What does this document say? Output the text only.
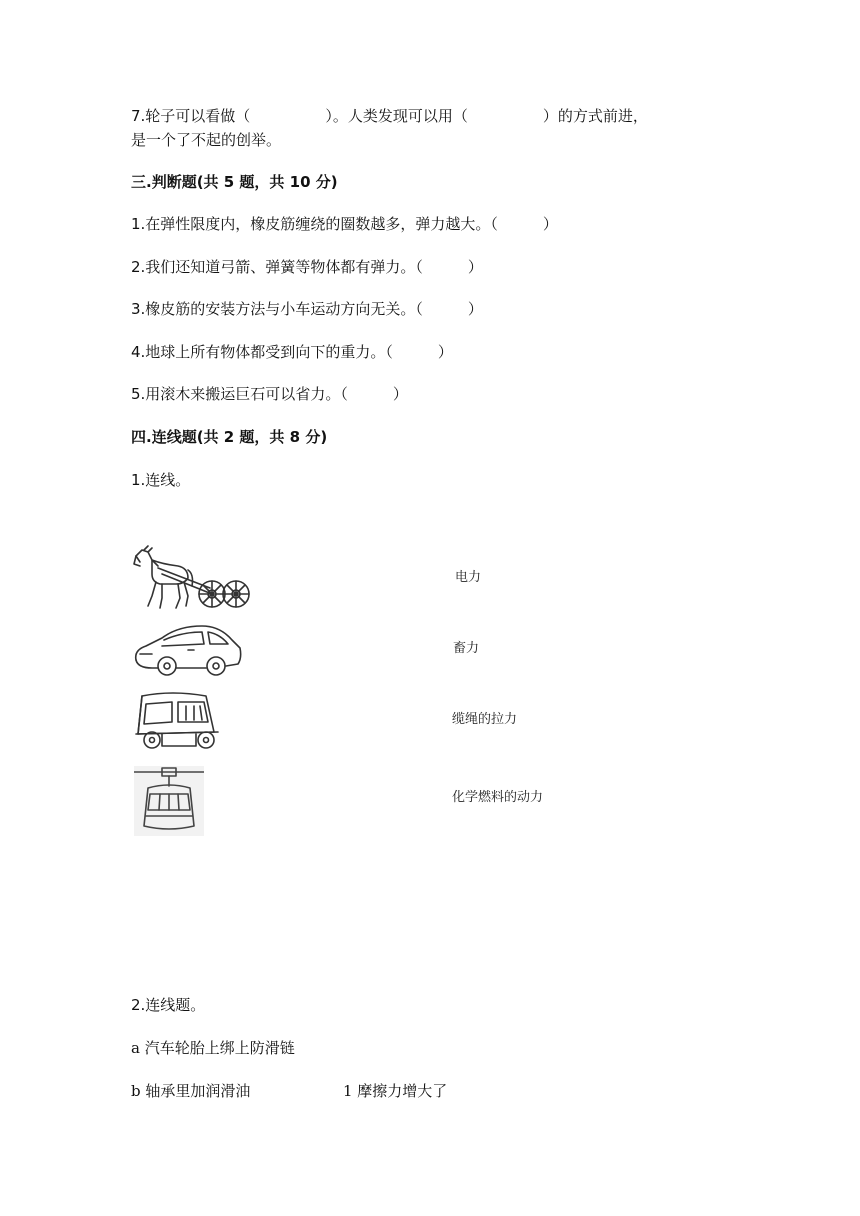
7.轮子可以看做（　　　　　）。人类发现可以用（　　　　　）的方式前进，
是一个了不起的创举。
三.判断题(共 5 题，共 10 分)
1.在弹性限度内，橡皮筋缠绕的圈数越多，弹力越大。（　　　）
2.我们还知道弓箭、弹簧等物体都有弹力。（　　　）
3.橡皮筋的安装方法与小车运动方向无关。（　　　）
4.地球上所有物体都受到向下的重力。（　　　）
5.用滚木来搬运巨石可以省力。（　　　）
四.连线题(共 2 题，共 8 分)
1.连线。
电力
畜力
缆绳的拉力
化学燃料的动力
2.连线题。
a 汽车轮胎上绑上防滑链
b 轴承里加润滑油	1 摩擦力增大了
